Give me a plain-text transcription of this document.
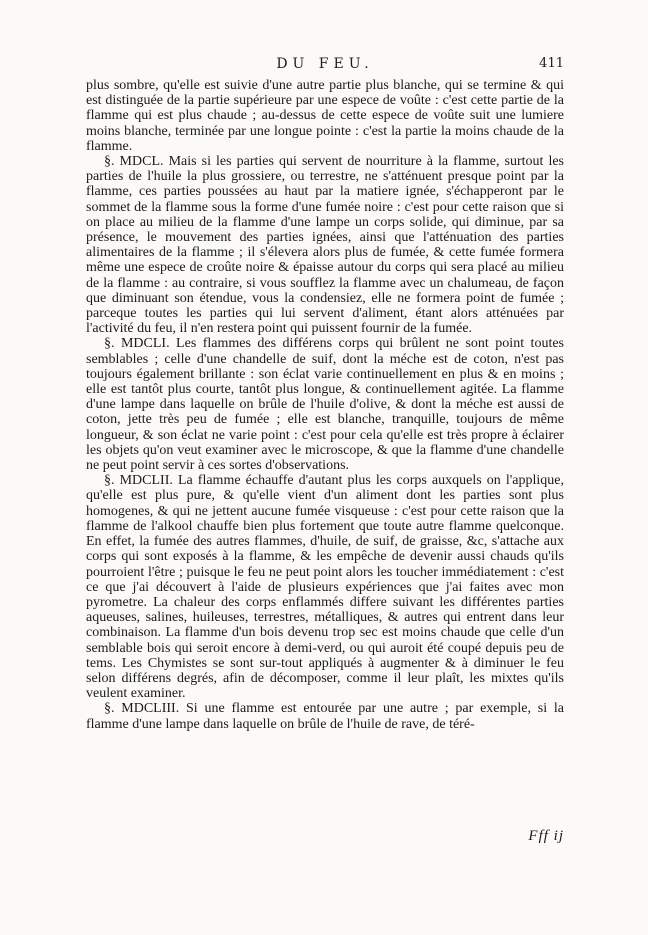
DU FEU.	411

plus sombre, qu'elle est suivie d'une autre partie plus blanche, qui se termine & qui est distinguée de la partie supérieure par une espece de voûte : c'est cette partie de la flamme qui est plus chaude ; au-dessus de cette espece de voûte suit une lumiere moins blanche, terminée par une longue pointe : c'est la partie la moins chaude de la flamme.

§. MDCL. Mais si les parties qui servent de nourriture à la flamme, surtout les parties de l'huile la plus grossiere, ou terrestre, ne s'atténuent presque point par la flamme, ces parties poussées au haut par la matiere ignée, s'échapperont par le sommet de la flamme sous la forme d'une fumée noire : c'est pour cette raison que si on place au milieu de la flamme d'une lampe un corps solide, qui diminue, par sa présence, le mouvement des parties ignées, ainsi que l'atténuation des parties alimentaires de la flamme ; il s'élevera alors plus de fumée, & cette fumée formera même une espece de croûte noire & épaisse autour du corps qui sera placé au milieu de la flamme : au contraire, si vous soufflez la flamme avec un chalumeau, de façon que diminuant son étendue, vous la condensiez, elle ne formera point de fumée ; parceque toutes les parties qui lui servent d'aliment, étant alors atténuées par l'activité du feu, il n'en restera point qui puissent fournir de la fumée.

§. MDCLI. Les flammes des différens corps qui brûlent ne sont point toutes semblables ; celle d'une chandelle de suif, dont la méche est de coton, n'est pas toujours également brillante : son éclat varie continuellement en plus & en moins ; elle est tantôt plus courte, tantôt plus longue, & continuellement agitée. La flamme d'une lampe dans laquelle on brûle de l'huile d'olive, & dont la méche est aussi de coton, jette très peu de fumée ; elle est blanche, tranquille, toujours de même longueur, & son éclat ne varie point : c'est pour cela qu'elle est très propre à éclairer les objets qu'on veut examiner avec le microscope, & que la flamme d'une chandelle ne peut point servir à ces sortes d'observations.

§. MDCLII. La flamme échauffe d'autant plus les corps auxquels on l'applique, qu'elle est plus pure, & qu'elle vient d'un aliment dont les parties sont plus homogenes, & qui ne jettent aucune fumée visqueuse : c'est pour cette raison que la flamme de l'alkool chauffe bien plus fortement que toute autre flamme quelconque. En effet, la fumée des autres flammes, d'huile, de suif, de graisse, &c, s'attache aux corps qui sont exposés à la flamme, & les empêche de devenir aussi chauds qu'ils pourroient l'être ; puisque le feu ne peut point alors les toucher immédiatement : c'est ce que j'ai découvert à l'aide de plusieurs expériences que j'ai faites avec mon pyrometre. La chaleur des corps enflammés differe suivant les différentes parties aqueuses, salines, huileuses, terrestres, métalliques, & autres qui entrent dans leur combinaison. La flamme d'un bois devenu trop sec est moins chaude que celle d'un semblable bois qui seroit encore à demi-verd, ou qui auroit été coupé depuis peu de tems. Les Chymistes se sont sur-tout appliqués à augmenter & à diminuer le feu selon différens degrés, afin de décomposer, comme il leur plaît, les mixtes qu'ils veulent examiner.

§. MDCLIII. Si une flamme est entourée par une autre ; par exemple, si la flamme d'une lampe dans laquelle on brûle de l'huile de rave, de téré-

Fff ij
